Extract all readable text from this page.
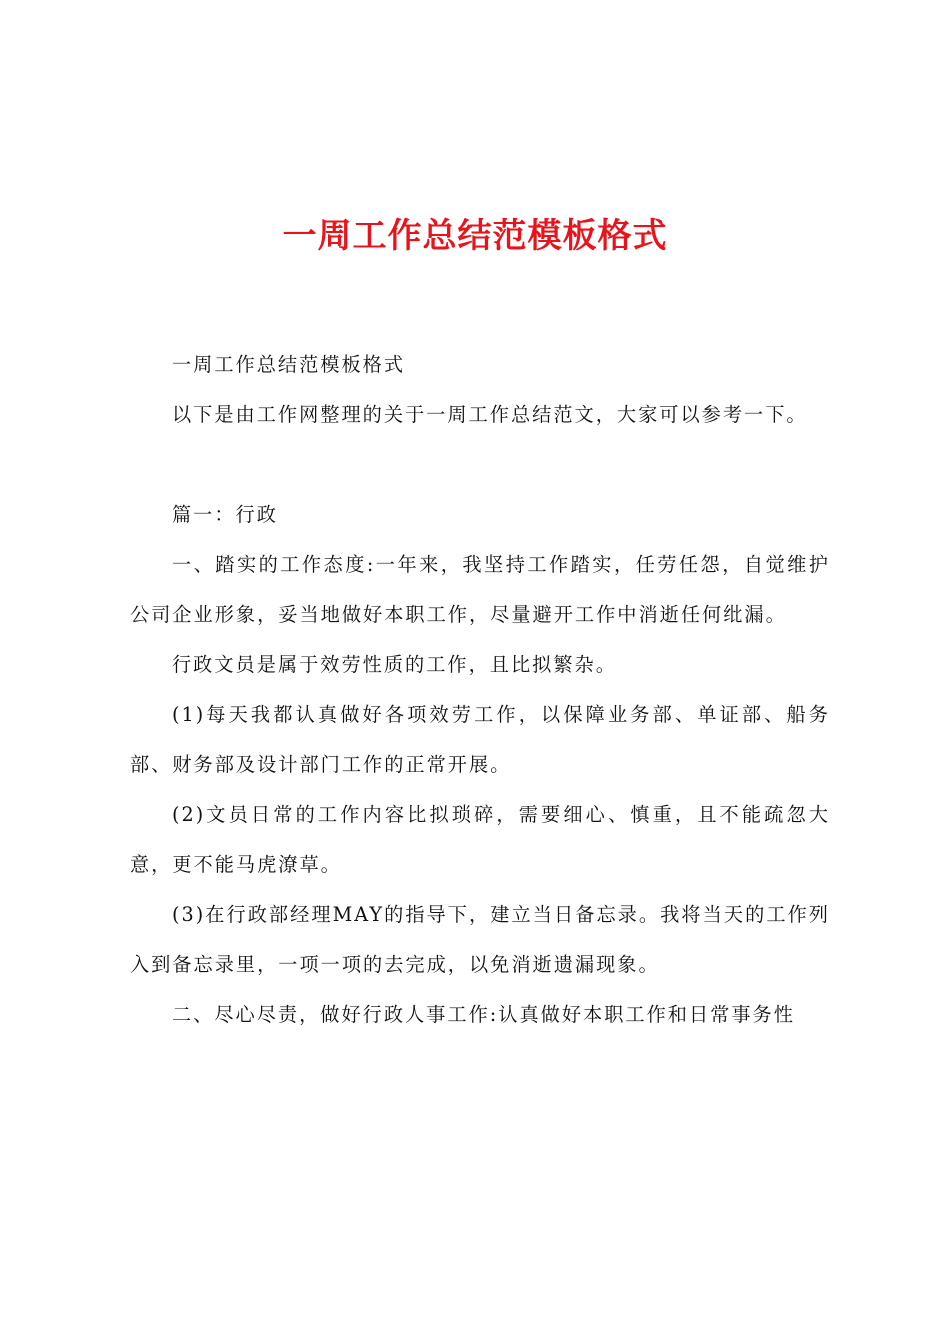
一周工作总结范模板格式

一周工作总结范模板格式

以下是由工作网整理的关于一周工作总结范文，大家可以参考一下。

篇一：行政

一、踏实的工作态度:一年来，我坚持工作踏实，任劳任怨，自觉维护公司企业形象，妥当地做好本职工作，尽量避开工作中消逝任何纰漏。

行政文员是属于效劳性质的工作，且比拟繁杂。

(1)每天我都认真做好各项效劳工作，以保障业务部、单证部、船务部、财务部及设计部门工作的正常开展。

(2)文员日常的工作内容比拟琐碎，需要细心、慎重，且不能疏忽大意，更不能马虎潦草。

(3)在行政部经理MAY的指导下，建立当日备忘录。我将当天的工作列入到备忘录里，一项一项的去完成，以免消逝遗漏现象。

二、尽心尽责，做好行政人事工作:认真做好本职工作和日常事务性
